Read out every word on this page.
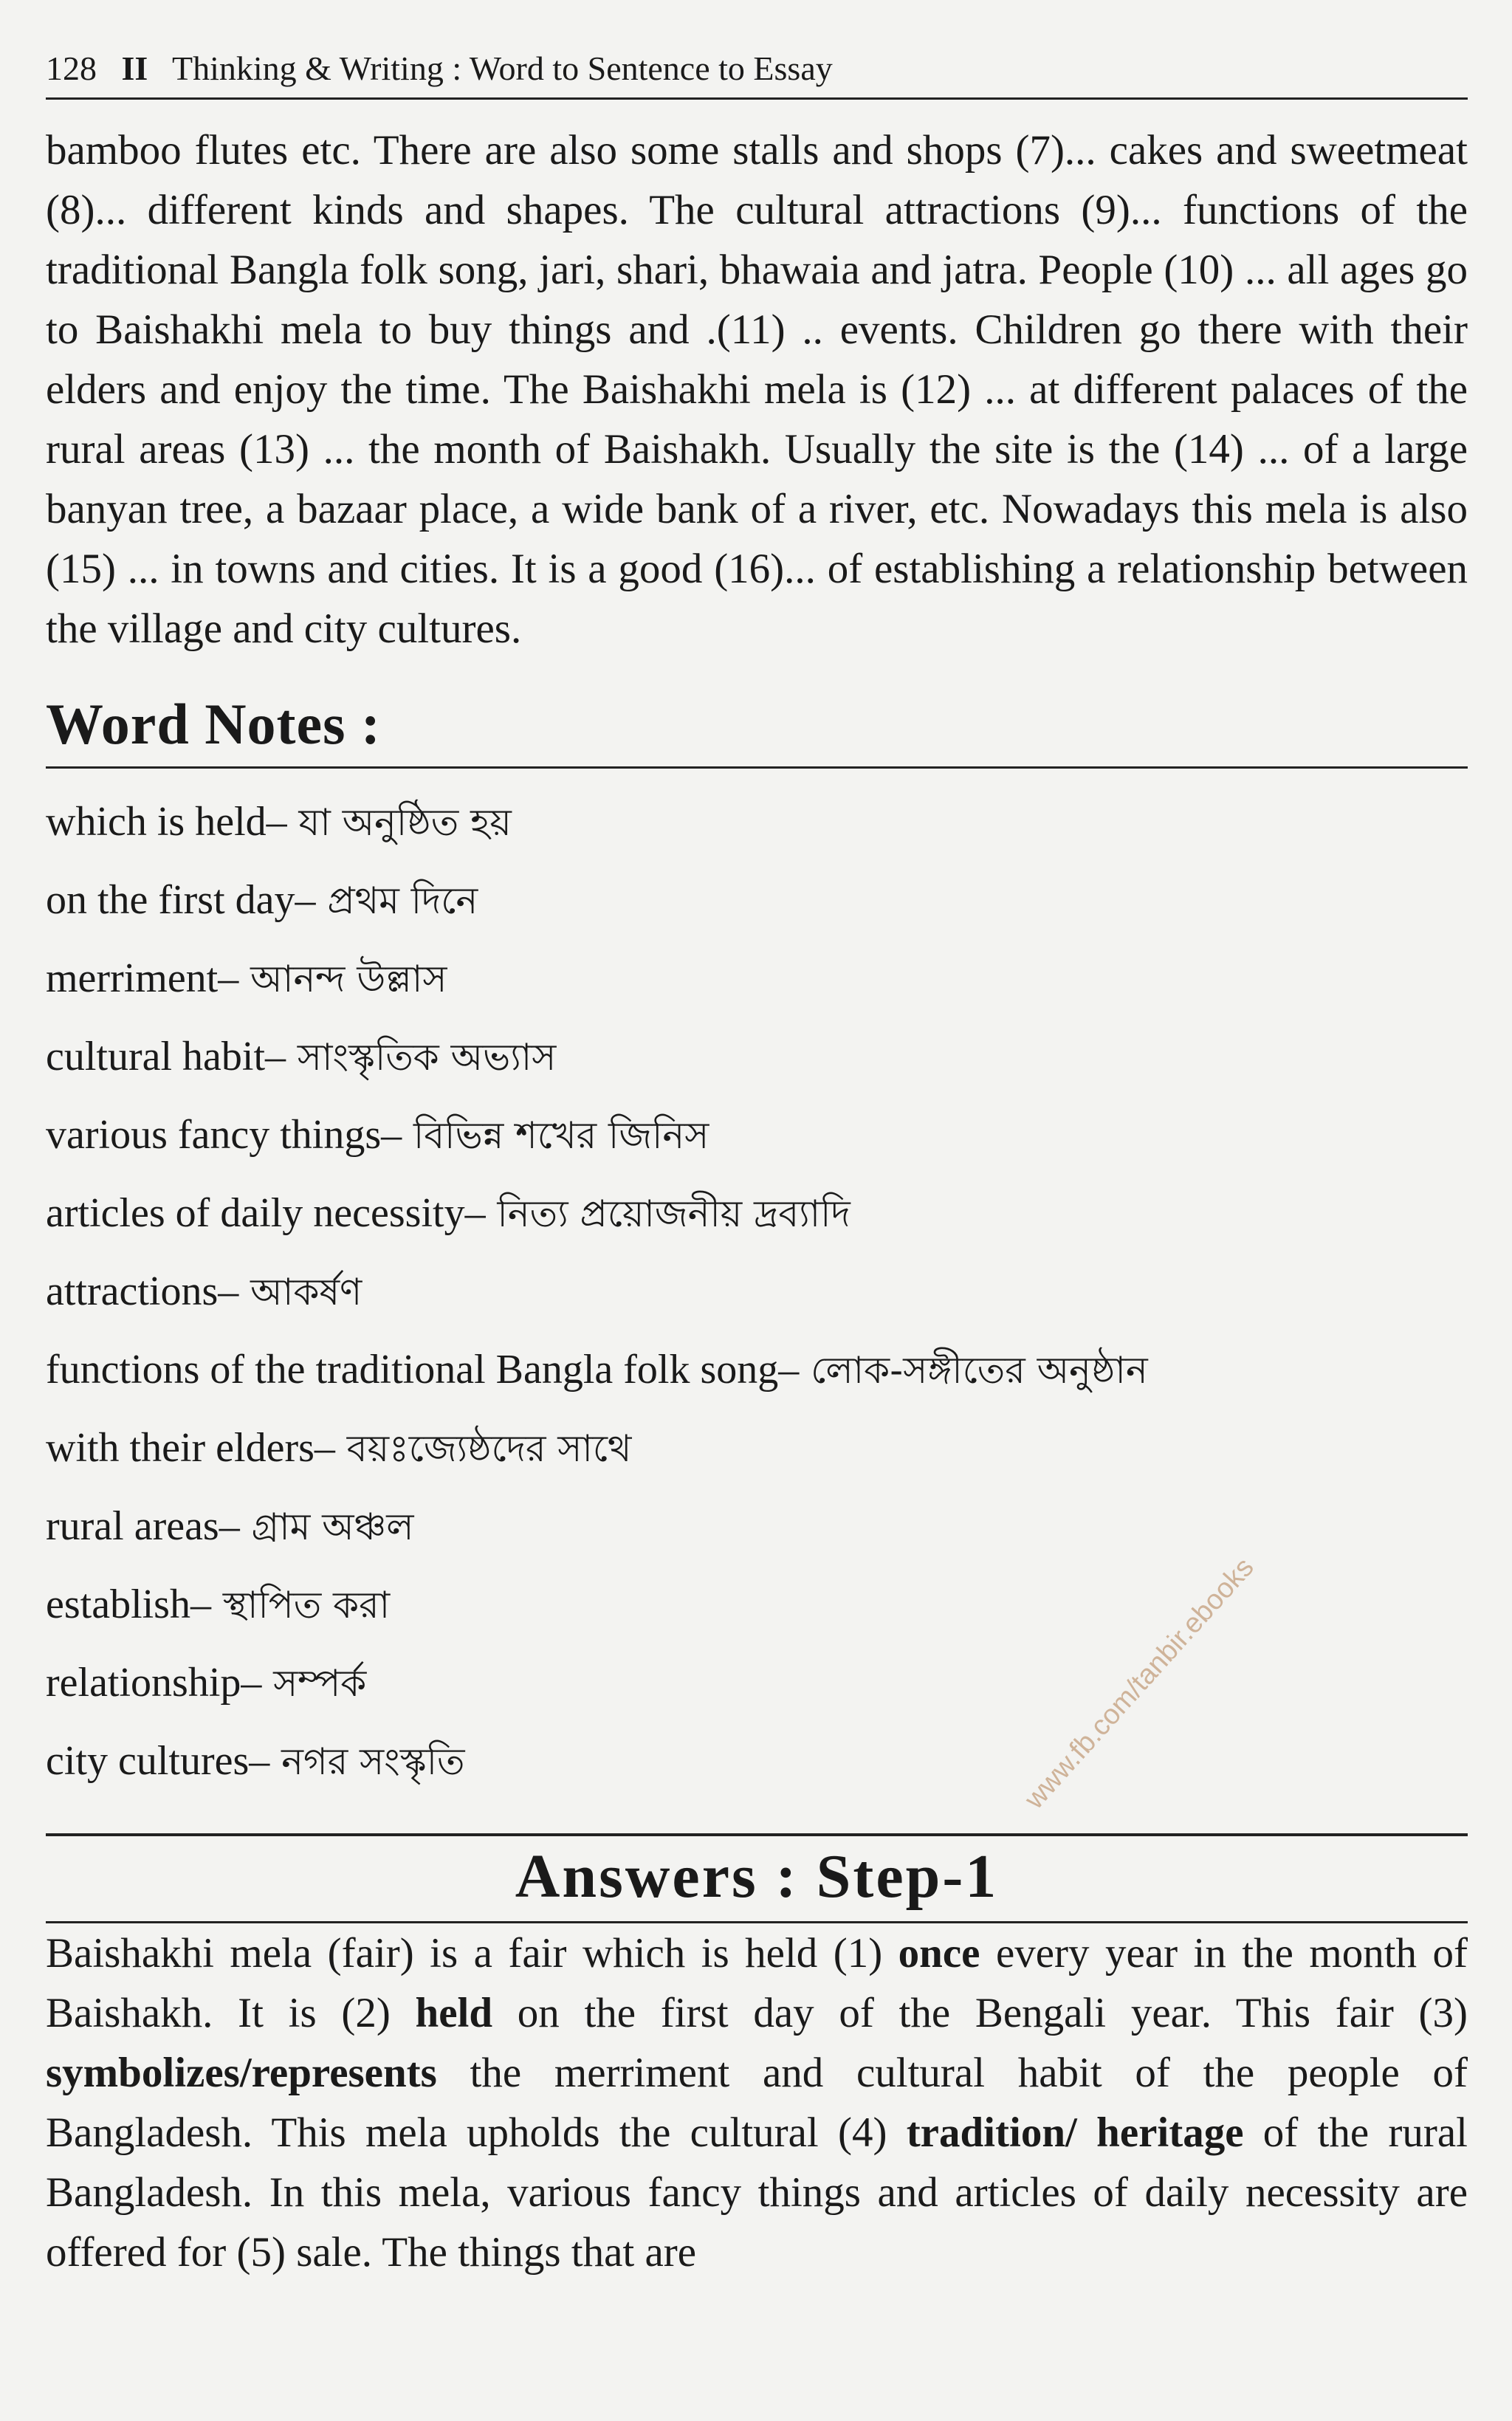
128 II Thinking & Writing : Word to Sentence to Essay

bamboo flutes etc. There are also some stalls and shops (7)... cakes and sweetmeat (8)... different kinds and shapes. The cultural attractions (9)... functions of the traditional Bangla folk song, jari, shari, bhawaia and jatra. People (10) ... all ages go to Baishakhi mela to buy things and .(11) .. events. Children go there with their elders and enjoy the time. The Baishakhi mela is (12) ... at different palaces of the rural areas (13) ... the month of Baishakh. Usually the site is the (14) ... of a large banyan tree, a bazaar place, a wide bank of a river, etc. Nowadays this mela is also (15) ... in towns and cities. It is a good (16)... of establishing a relationship between the village and city cultures.

Word Notes :
which is held– যা অনুষ্ঠিত হয়
on the first day– প্রথম দিনে
merriment– আনন্দ উল্লাস
cultural habit– সাংস্কৃতিক অভ্যাস
various fancy things– বিভিন্ন শখের জিনিস
articles of daily necessity– নিত্য প্রয়োজনীয় দ্রব্যাদি
attractions– আকর্ষণ
functions of the traditional Bangla folk song– লোক-সঙ্গীতের অনুষ্ঠান
with their elders– বয়ঃজ্যেষ্ঠদের সাথে
rural areas– গ্রাম অঞ্চল
establish– স্থাপিত করা
relationship– সম্পর্ক
city cultures– নগর সংস্কৃতি
Answers : Step-1

Baishakhi mela (fair) is a fair which is held (1) once every year in the month of Baishakh. It is (2) held on the first day of the Bengali year. This fair (3) symbolizes/represents the merriment and cultural habit of the people of Bangladesh. This mela upholds the cultural (4) tradition/ heritage of the rural Bangladesh. In this mela, various fancy things and articles of daily necessity are offered for (5) sale. The things that are

www.fb.com/tanbir.ebooks
